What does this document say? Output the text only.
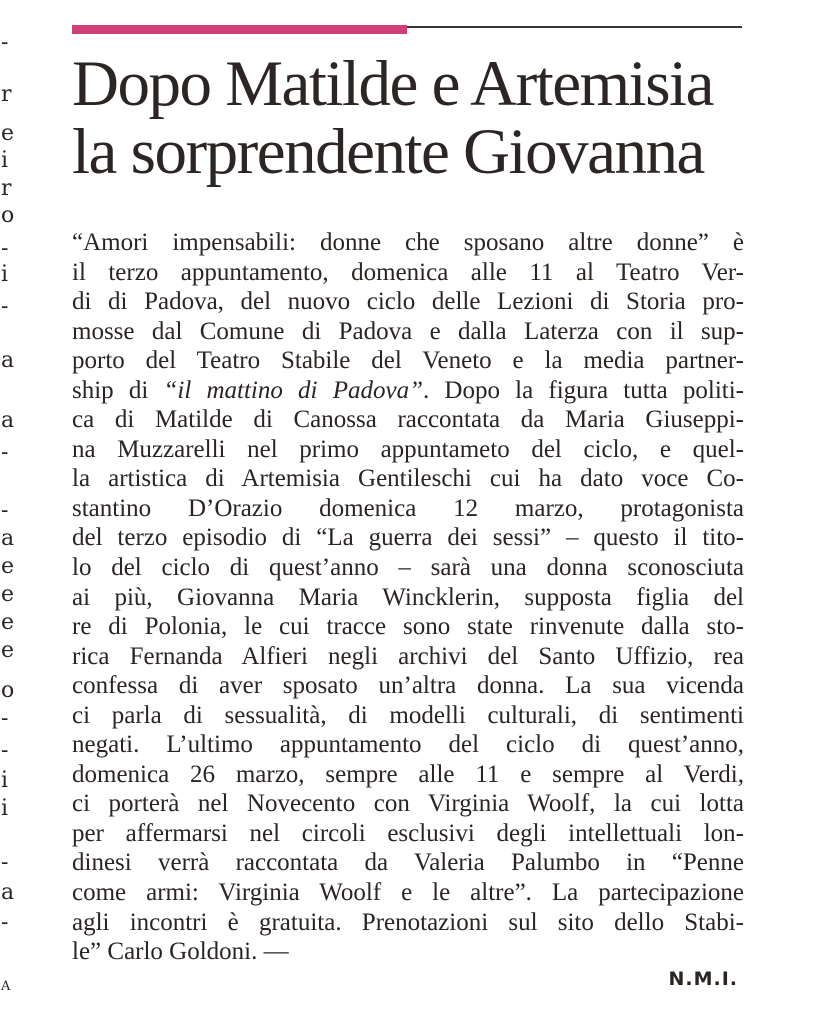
-
r
e
i
r
o
-
i
-
a
a
-
-
a
e
e
e
e
o
-
-
i
i
-
a
-
A
Dopo Matilde e Artemisia
la sorprendente Giovanna
“Amori impensabili: donne che sposano altre donne” è
il terzo appuntamento, domenica alle 11 al Teatro Ver-
di di Padova, del nuovo ciclo delle Lezioni di Storia pro-
mosse dal Comune di Padova e dalla Laterza con il sup-
porto del Teatro Stabile del Veneto e la media partner-
ship di “il mattino di Padova”. Dopo la figura tutta politi-
ca di Matilde di Canossa raccontata da Maria Giuseppi-
na Muzzarelli nel primo appuntameto del ciclo, e quel-
la artistica di Artemisia Gentileschi cui ha dato voce Co-
stantino D’Orazio domenica 12 marzo, protagonista
del terzo episodio di “La guerra dei sessi” – questo il tito-
lo del ciclo di quest’anno – sarà una donna sconosciuta
ai più, Giovanna Maria Wincklerin, supposta figlia del
re di Polonia, le cui tracce sono state rinvenute dalla sto-
rica Fernanda Alfieri negli archivi del Santo Uffizio, rea
confessa di aver sposato un’altra donna. La sua vicenda
ci parla di sessualità, di modelli culturali, di sentimenti
negati. L’ultimo appuntamento del ciclo di quest’anno,
domenica 26 marzo, sempre alle 11 e sempre al Verdi,
ci porterà nel Novecento con Virginia Woolf, la cui lotta
per affermarsi nel circoli esclusivi degli intellettuali lon-
dinesi verrà raccontata da Valeria Palumbo in “Penne
come armi: Virginia Woolf e le altre”. La partecipazione
agli incontri è gratuita. Prenotazioni sul sito dello Stabi-
le” Carlo Goldoni. —
N.M.I.
